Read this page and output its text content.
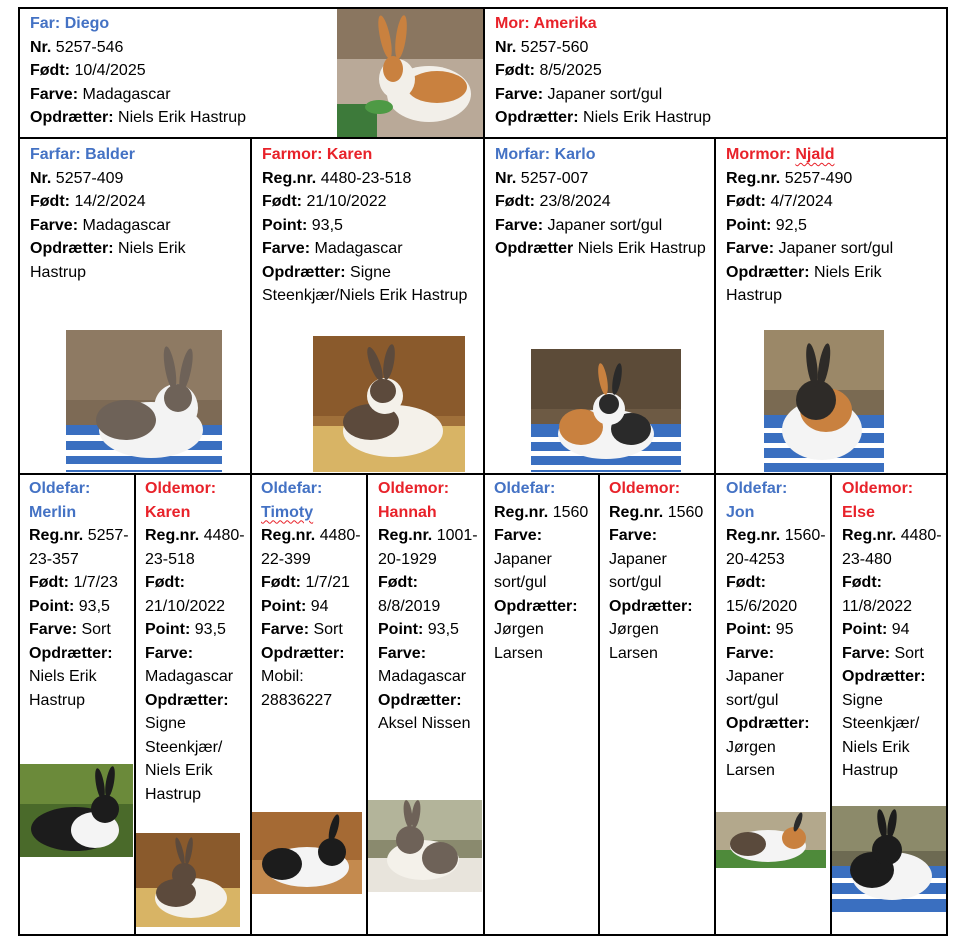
Far: Diego
Nr. 5257-546
Født: 10/4/2025
Farve: Madagascar
Opdrætter: Niels Erik Hastrup
Mor: Amerika
Nr. 5257-560
Født: 8/5/2025
Farve: Japaner sort/gul
Opdrætter: Niels Erik Hastrup
Farfar: Balder
Nr. 5257-409
Født: 14/2/2024
Farve: Madagascar
Opdrætter: Niels Erik Hastrup
Farmor: Karen
Reg.nr. 4480-23-518
Født: 21/10/2022
Point: 93,5
Farve: Madagascar
Opdrætter: Signe Steenkjær/Niels Erik Hastrup
Morfar: Karlo
Nr. 5257-007
Født: 23/8/2024
Farve: Japaner sort/gul
Opdrætter Niels Erik Hastrup
Mormor: Njald
Reg.nr. 5257-490
Født: 4/7/2024
Point: 92,5
Farve: Japaner sort/gul
Opdrætter: Niels Erik Hastrup
Oldefar:
Merlin
Reg.nr. 5257-23-357
Født: 1/7/23
Point: 93,5
Farve: Sort
Opdrætter: Niels Erik Hastrup
Oldemor:
Karen
Reg.nr. 4480-23-518
Født: 21/10/2022
Point: 93,5
Farve: Madagascar
Opdrætter: Signe Steenkjær/ Niels Erik Hastrup
Oldefar:
Timoty
Reg.nr. 4480-22-399
Født: 1/7/21
Point: 94
Farve: Sort
Opdrætter: Mobil: 28836227
Oldemor:
Hannah
Reg.nr. 1001-20-1929
Født: 8/8/2019
Point: 93,5
Farve: Madagascar
Opdrætter: Aksel Nissen
Oldefar:
Reg.nr. 1560
Farve: Japaner sort/gul
Opdrætter: Jørgen Larsen
Oldemor:
Reg.nr. 1560
Farve: Japaner sort/gul
Opdrætter: Jørgen Larsen
Oldefar:
Jon
Reg.nr. 1560-20-4253
Født: 15/6/2020
Point: 95
Farve: Japaner sort/gul
Opdrætter: Jørgen Larsen
Oldemor:
Else
Reg.nr. 4480-23-480
Født: 11/8/2022
Point: 94
Farve: Sort
Opdrætter: Signe Steenkjær/ Niels Erik Hastrup
